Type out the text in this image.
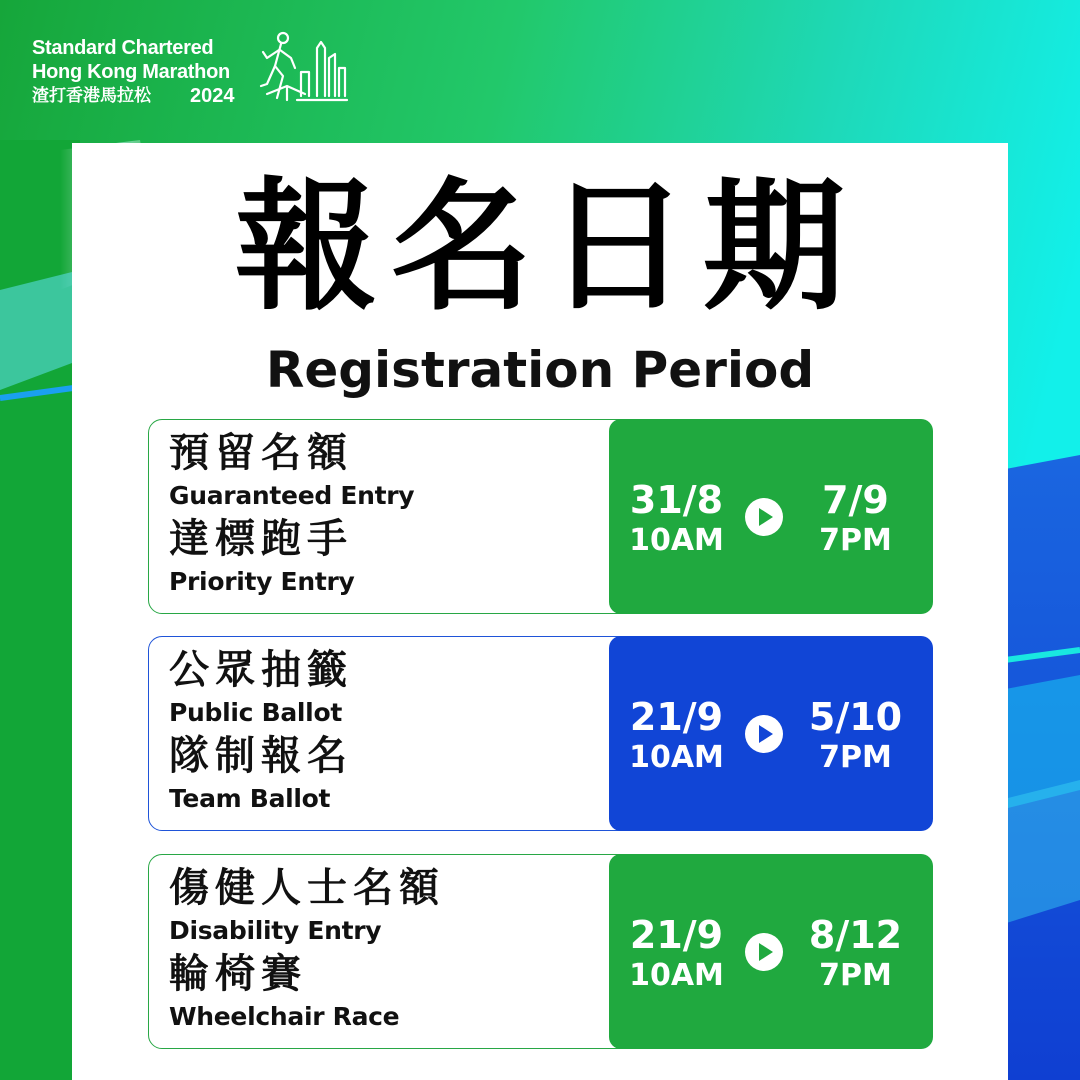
Standard Chartered
Hong Kong Marathon
渣打香港馬拉松	2024
報名日期
Registration Period
預留名額
Guaranteed Entry
達標跑手
Priority Entry
31/8
10AM
7/9
7PM
公眾抽籤
Public Ballot
隊制報名
Team Ballot
21/9
10AM
5/10
7PM
傷健人士名額
Disability Entry
輪椅賽
Wheelchair Race
21/9
10AM
8/12
7PM
